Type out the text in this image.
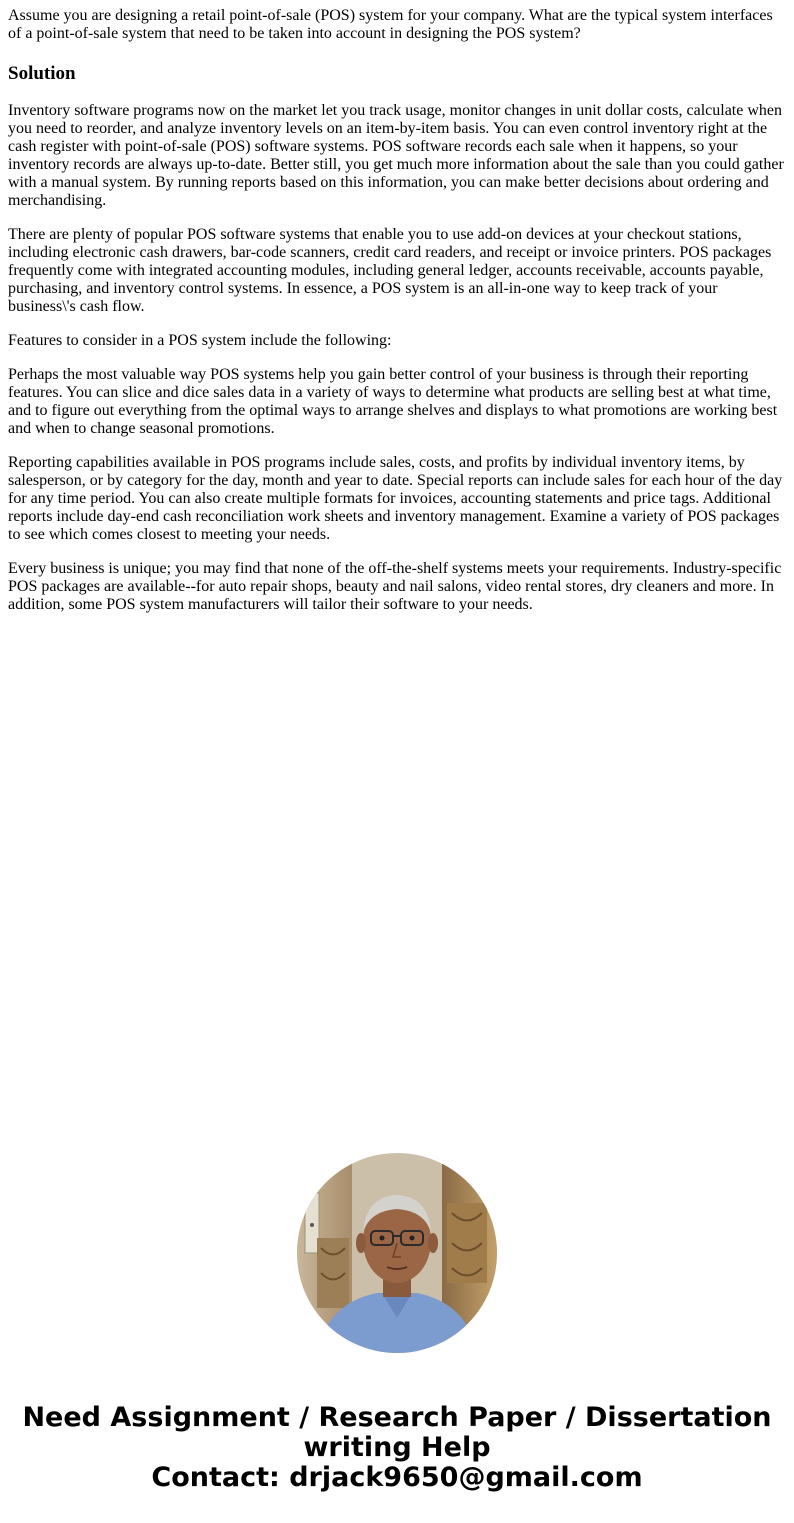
Assume you are designing a retail point-of-sale (POS) system for your company. What are the typical system interfaces of a point-of-sale system that need to be taken into account in designing the POS system?

Solution

Inventory software programs now on the market let you track usage, monitor changes in unit dollar costs, calculate when you need to reorder, and analyze inventory levels on an item-by-item basis. You can even control inventory right at the cash register with point-of-sale (POS) software systems. POS software records each sale when it happens, so your inventory records are always up-to-date. Better still, you get much more information about the sale than you could gather with a manual system. By running reports based on this information, you can make better decisions about ordering and merchandising.

There are plenty of popular POS software systems that enable you to use add-on devices at your checkout stations, including electronic cash drawers, bar-code scanners, credit card readers, and receipt or invoice printers. POS packages frequently come with integrated accounting modules, including general ledger, accounts receivable, accounts payable, purchasing, and inventory control systems. In essence, a POS system is an all-in-one way to keep track of your business\'s cash flow.

Features to consider in a POS system include the following:

Perhaps the most valuable way POS systems help you gain better control of your business is through their reporting features. You can slice and dice sales data in a variety of ways to determine what products are selling best at what time, and to figure out everything from the optimal ways to arrange shelves and displays to what promotions are working best and when to change seasonal promotions.

Reporting capabilities available in POS programs include sales, costs, and profits by individual inventory items, by salesperson, or by category for the day, month and year to date. Special reports can include sales for each hour of the day for any time period. You can also create multiple formats for invoices, accounting statements and price tags. Additional reports include day-end cash reconciliation work sheets and inventory management. Examine a variety of POS packages to see which comes closest to meeting your needs.

Every business is unique; you may find that none of the off-the-shelf systems meets your requirements. Industry-specific POS packages are available--for auto repair shops, beauty and nail salons, video rental stores, dry cleaners and more. In addition, some POS system manufacturers will tailor their software to your needs.

Need Assignment / Research Paper / Dissertation
writing Help
Contact: drjack9650@gmail.com
